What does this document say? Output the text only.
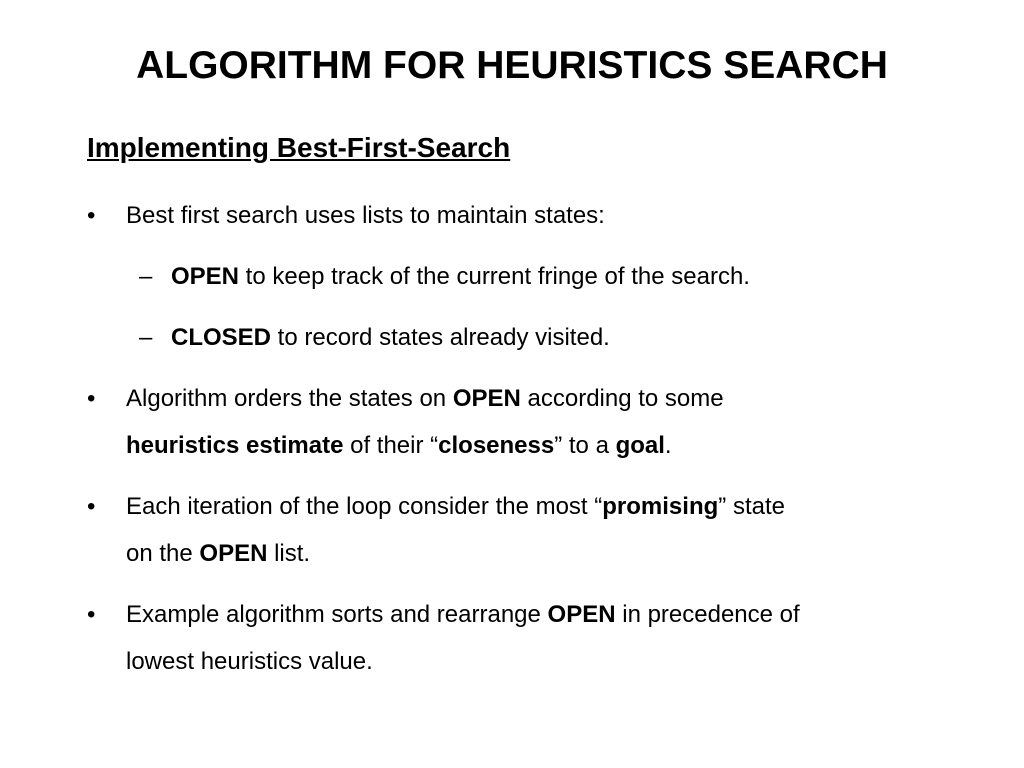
ALGORITHM FOR HEURISTICS SEARCH
Implementing Best-First-Search
• Best first search uses lists to maintain states:
– OPEN to keep track of the current fringe of the search.
– CLOSED to record states already visited.
• Algorithm orders the states on OPEN according to some
heuristics estimate of their “closeness” to a goal.
• Each iteration of the loop consider the most “promising” state
on the OPEN list.
• Example algorithm sorts and rearrange OPEN in precedence of
lowest heuristics value.
